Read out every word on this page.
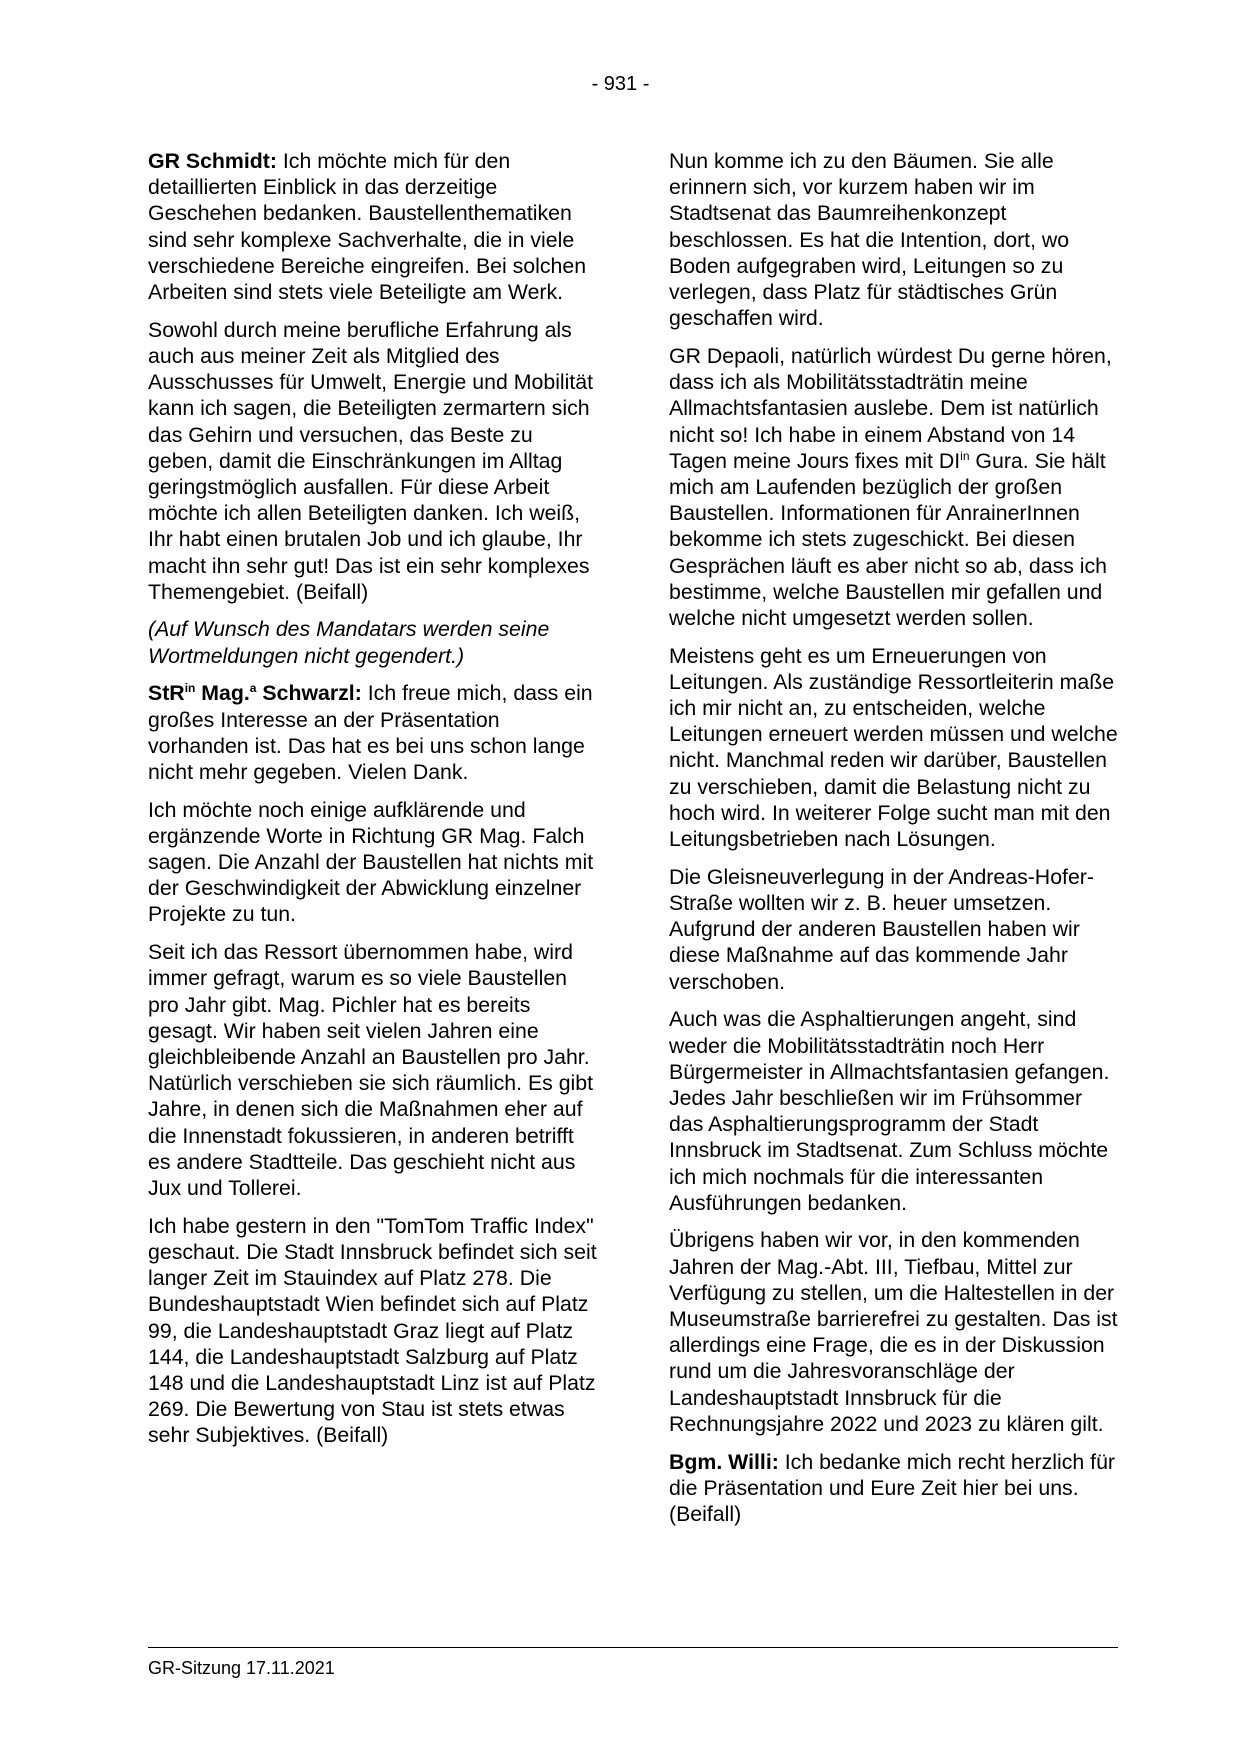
- 931 -

GR Schmidt: Ich möchte mich für den detaillierten Einblick in das derzeitige Geschehen bedanken. Baustellenthematiken sind sehr komplexe Sachverhalte, die in viele verschiedene Bereiche eingreifen. Bei solchen Arbeiten sind stets viele Beteiligte am Werk.

Sowohl durch meine berufliche Erfahrung als auch aus meiner Zeit als Mitglied des Ausschusses für Umwelt, Energie und Mobilität kann ich sagen, die Beteiligten zermartern sich das Gehirn und versuchen, das Beste zu geben, damit die Einschränkungen im Alltag geringstmöglich ausfallen. Für diese Arbeit möchte ich allen Beteiligten danken. Ich weiß, Ihr habt einen brutalen Job und ich glaube, Ihr macht ihn sehr gut! Das ist ein sehr komplexes Themengebiet. (Beifall)

(Auf Wunsch des Mandatars werden seine Wortmeldungen nicht gegendert.)

StR$^{in}$ Mag.$^a$ Schwarzl: Ich freue mich, dass ein großes Interesse an der Präsentation vorhanden ist. Das hat es bei uns schon lange nicht mehr gegeben. Vielen Dank.

Ich möchte noch einige aufklärende und ergänzende Worte in Richtung GR Mag. Falch sagen. Die Anzahl der Baustellen hat nichts mit der Geschwindigkeit der Abwicklung einzelner Projekte zu tun.

Seit ich das Ressort übernommen habe, wird immer gefragt, warum es so viele Baustellen pro Jahr gibt. Mag. Pichler hat es bereits gesagt. Wir haben seit vielen Jahren eine gleichbleibende Anzahl an Baustellen pro Jahr. Natürlich verschieben sie sich räumlich. Es gibt Jahre, in denen sich die Maßnahmen eher auf die Innenstadt fokussieren, in anderen betrifft es andere Stadtteile. Das geschieht nicht aus Jux und Tollerei.

Ich habe gestern in den "TomTom Traffic Index" geschaut. Die Stadt Innsbruck befindet sich seit langer Zeit im Stauindex auf Platz 278. Die Bundeshauptstadt Wien befindet sich auf Platz 99, die Landeshauptstadt Graz liegt auf Platz 144, die Landeshauptstadt Salzburg auf Platz 148 und die Landeshauptstadt Linz ist auf Platz 269. Die Bewertung von Stau ist stets etwas sehr Subjektives. (Beifall)

Nun komme ich zu den Bäumen. Sie alle erinnern sich, vor kurzem haben wir im Stadtsenat das Baumreihenkonzept beschlossen. Es hat die Intention, dort, wo Boden aufgegraben wird, Leitungen so zu verlegen, dass Platz für städtisches Grün geschaffen wird.

GR Depaoli, natürlich würdest Du gerne hören, dass ich als Mobilitätsstadträtin meine Allmachtsfantasien auslebe. Dem ist natürlich nicht so! Ich habe in einem Abstand von 14 Tagen meine Jours fixes mit $DI^{in}$ Gura. Sie hält mich am Laufenden bezüglich der großen Baustellen. Informationen für AnrainerInnen bekomme ich stets zugeschickt. Bei diesen Gesprächen läuft es aber nicht so ab, dass ich bestimme, welche Baustellen mir gefallen und welche nicht umgesetzt werden sollen.

Meistens geht es um Erneuerungen von Leitungen. Als zuständige Ressortleiterin maße ich mir nicht an, zu entscheiden, welche Leitungen erneuert werden müssen und welche nicht. Manchmal reden wir darüber, Baustellen zu verschieben, damit die Belastung nicht zu hoch wird. In weiterer Folge sucht man mit den Leitungsbetrieben nach Lösungen.

Die Gleisneuverlegung in der Andreas-Hofer-Straße wollten wir z. B. heuer umsetzen. Aufgrund der anderen Baustellen haben wir diese Maßnahme auf das kommende Jahr verschoben.

Auch was die Asphaltierungen angeht, sind weder die Mobilitätsstadträtin noch Herr Bürgermeister in Allmachtsfantasien gefangen. Jedes Jahr beschließen wir im Frühsommer das Asphaltierungsprogramm der Stadt Innsbruck im Stadtsenat. Zum Schluss möchte ich mich nochmals für die interessanten Ausführungen bedanken.

Übrigens haben wir vor, in den kommenden Jahren der Mag.-Abt. III, Tiefbau, Mittel zur Verfügung zu stellen, um die Haltestellen in der Museumstraße barrierefrei zu gestalten. Das ist allerdings eine Frage, die es in der Diskussion rund um die Jahresvoranschläge der Landeshauptstadt Innsbruck für die Rechnungsjahre 2022 und 2023 zu klären gilt.

Bgm. Willi: Ich bedanke mich recht herzlich für die Präsentation und Eure Zeit hier bei uns. (Beifall)

GR-Sitzung 17.11.2021
